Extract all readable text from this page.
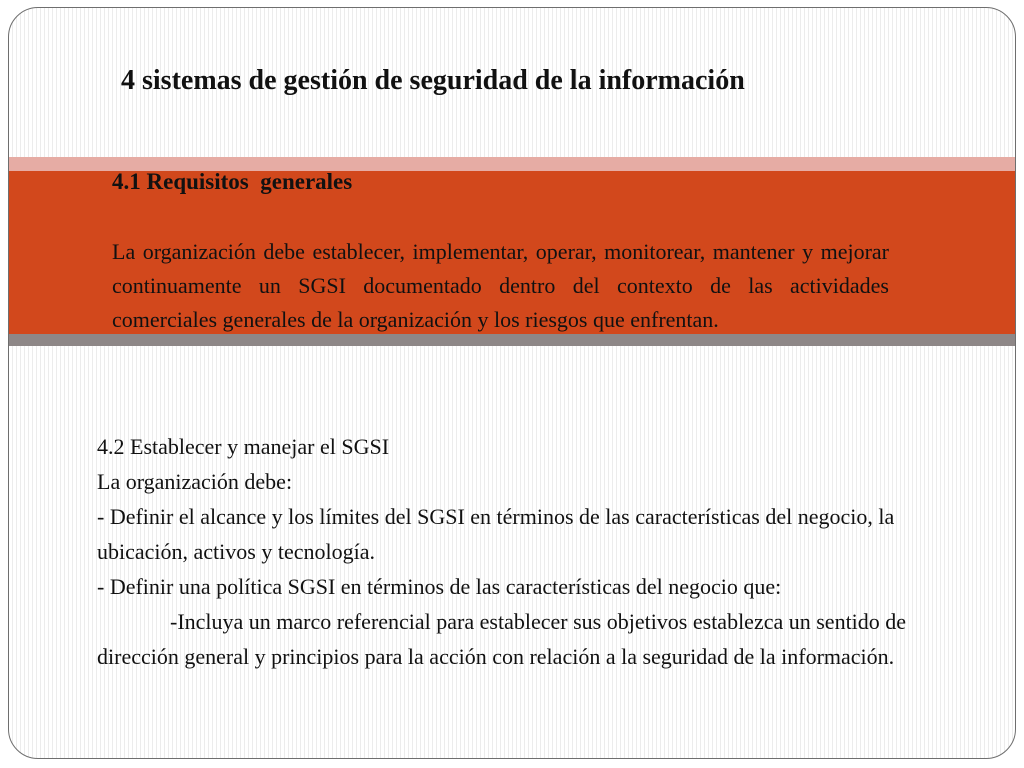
4 sistemas de gestión de seguridad de la información
4.1 Requisitos  generales

La organización debe establecer, implementar, operar, monitorear, mantener y mejorar continuamente un SGSI documentado dentro del contexto de las actividades comerciales generales de la organización y los riesgos que enfrentan.

4.2 Establecer y manejar el SGSI
La organización debe:
- Definir el alcance y los límites del SGSI en términos de las características del negocio, la ubicación, activos y tecnología.
- Definir una política SGSI en términos de las características del negocio que:
-Incluya un marco referencial para establecer sus objetivos establezca un sentido de dirección general y principios para la acción con relación a la seguridad de la información.
